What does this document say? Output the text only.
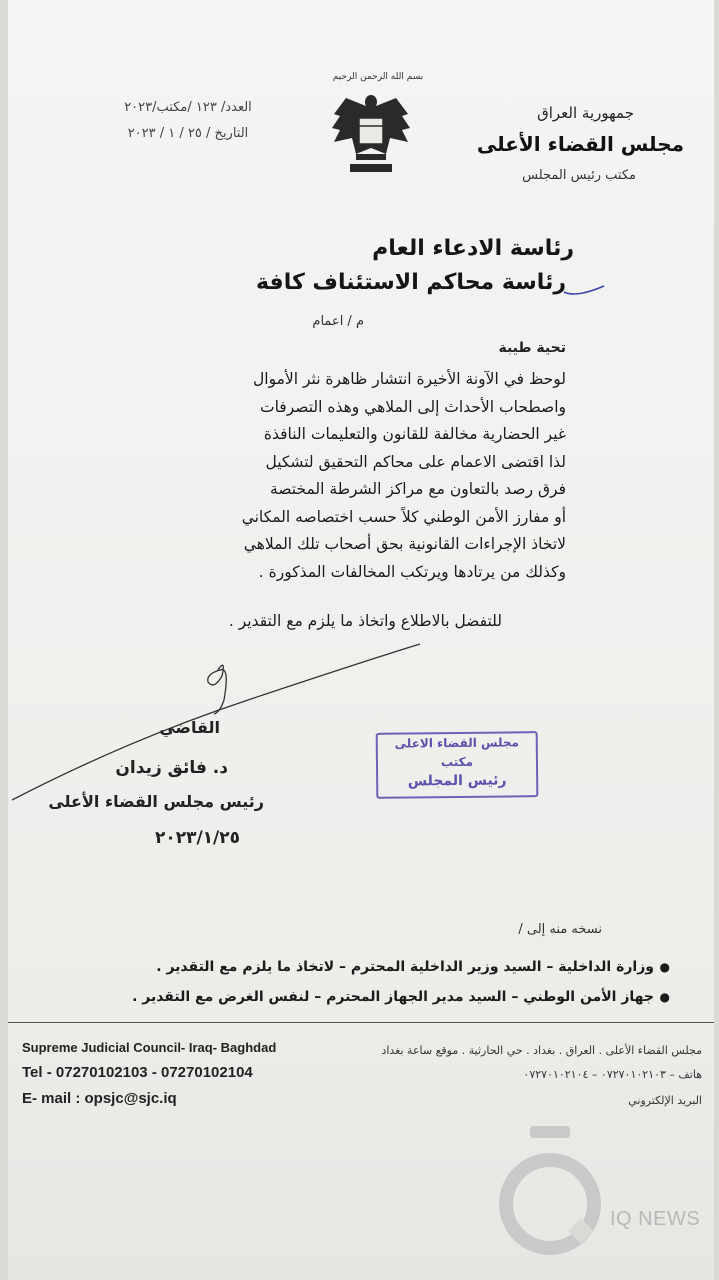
بسم الله الرحمن الرحيم
العدد/ ١٢٣ /مكتب/٢٠٢٣
التاريخ / ٢٥ / ١ / ٢٠٢٣
جمهورية العراق
مجلس القضاء الأعلى
مكتب رئيس المجلس
رئاسة الادعاء العام
رئاسة محاكم الاستئناف كافة
م / اعمام
تحية طيبة
لوحظ في الآونة الأخيرة انتشار ظاهرة نثر الأموال
واصطحاب الأحداث إلى الملاهي وهذه التصرفات
غير الحضارية مخالفة للقانون والتعليمات النافذة
لذا اقتضى الاعمام على محاكم التحقيق لتشكيل
فرق رصد بالتعاون مع مراكز الشرطة المختصة
أو مفارز الأمن الوطني كلاً حسب اختصاصه المكاني
لاتخاذ الإجراءات القانونية بحق أصحاب تلك الملاهي
وكذلك من يرتادها ويرتكب المخالفات المذكورة .
للتفضل بالاطلاع واتخاذ ما يلزم مع التقدير .
القاضي
د. فائق زيدان
رئيس مجلس القضاء الأعلى
٢٠٢٣/١/٢٥
مجلس القضاء الاعلى
مكتب
رئيس المجلس
نسخه منه إلى /
●
وزارة الداخلية – السيد وزير الداخلية المحترم – لاتخاذ ما يلزم مع التقدير .
●
جهاز الأمن الوطني – السيد مدير الجهاز المحترم – لنفس الغرض مع التقدير .
Supreme Judicial Council- Iraq- Baghdad
Tel - 07270102103 - 07270102104
E- mail : opsjc@sjc.iq
مجلس القضاء الأعلى . العراق . بغداد . حي الحارثية . موقع ساعة بغداد
هاتف – ٠٧٢٧٠١٠٢١٠٣ – ٠٧٢٧٠١٠٢١٠٤
البريد الإلكتروني
IQ NEWS
